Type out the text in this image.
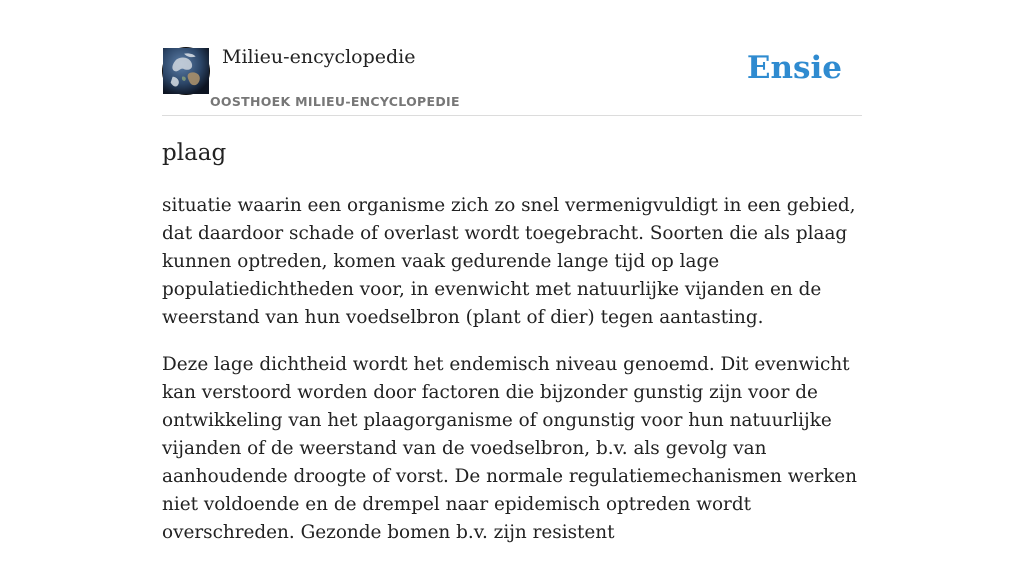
Milieu-encyclopedie
OOSTHOEK MILIEU-ENCYCLOPEDIE
Ensie
plaag

situatie waarin een organisme zich zo snel vermenigvuldigt in een gebied, dat daardoor schade of overlast wordt toegebracht. Soorten die als plaag kunnen optreden, komen vaak gedurende lange tijd op lage populatiedichtheden voor, in evenwicht met natuurlijke vijanden en de weerstand van hun voedselbron (plant of dier) tegen aantasting.

Deze lage dichtheid wordt het endemisch niveau genoemd. Dit evenwicht kan verstoord worden door factoren die bijzonder gunstig zijn voor de ontwikkeling van het plaagorganisme of ongunstig voor hun natuurlijke vijanden of de weerstand van de voedselbron, b.v. als gevolg van aanhoudende droogte of vorst. De normale regulatiemechanismen werken niet voldoende en de drempel naar epidemisch optreden wordt overschreden. Gezonde bomen b.v. zijn resistent
